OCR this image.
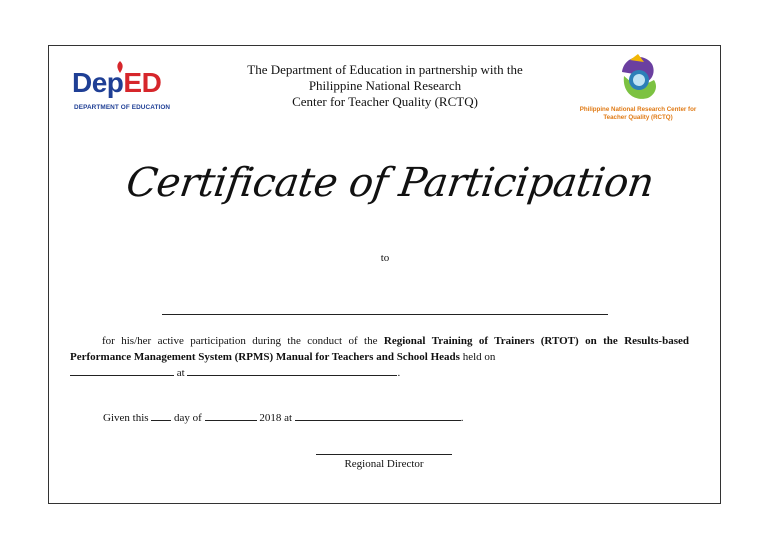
DepED
DEPARTMENT OF EDUCATION
The Department of Education in partnership with the
Philippine National Research
Center for Teacher Quality (RCTQ)
Philippine National Research Center for Teacher Quality (RCTQ)
Certificate of Participation
to
for his/her active participation during the conduct of the Regional Training of Trainers (RTOT) on the Results-based Performance Management System (RPMS) Manual for Teachers and School Heads held on
at	.
Given this  day of	2018 at	.
Regional Director
